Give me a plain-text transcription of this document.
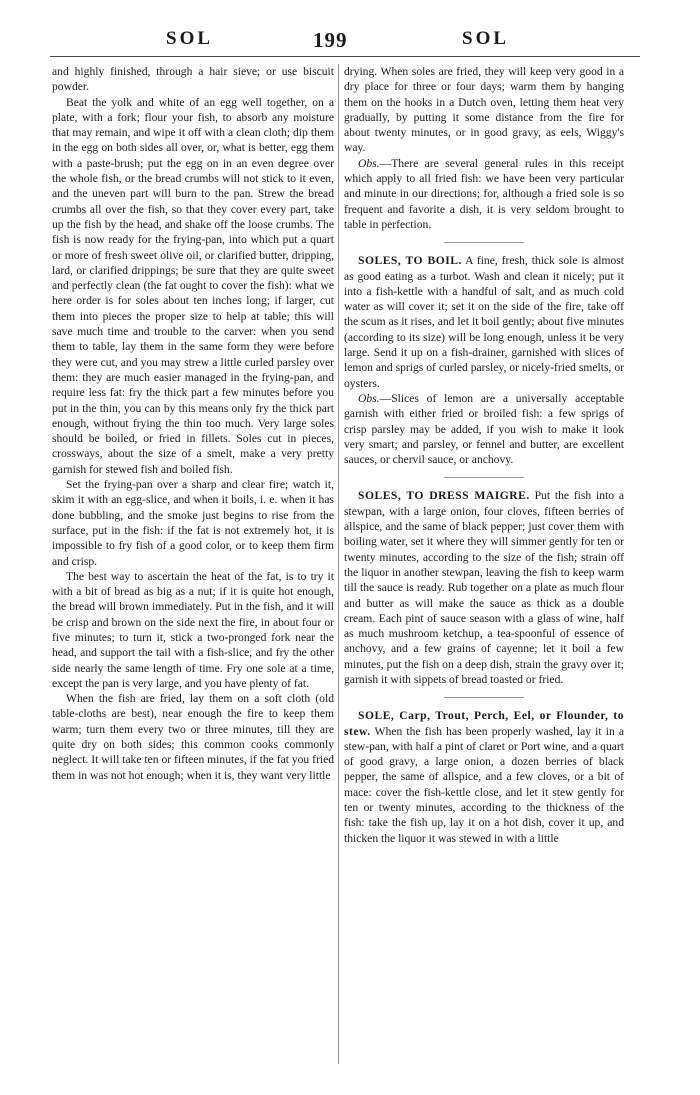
SOL	199	SOL

and highly finished, through a hair sieve; or use biscuit powder.

Beat the yolk and white of an egg well together, on a plate, with a fork; flour your fish, to absorb any moisture that may remain, and wipe it off with a clean cloth; dip them in the egg on both sides all over, or, what is better, egg them with a paste-brush; put the egg on in an even degree over the whole fish, or the bread crumbs will not stick to it even, and the uneven part will burn to the pan. Strew the bread crumbs all over the fish, so that they cover every part, take up the fish by the head, and shake off the loose crumbs. The fish is now ready for the frying-pan, into which put a quart or more of fresh sweet olive oil, or clarified butter, dripping, lard, or clarified drippings; be sure that they are quite sweet and perfectly clean (the fat ought to cover the fish): what we here order is for soles about ten inches long; if larger, cut them into pieces the proper size to help at table; this will save much time and trouble to the carver: when you send them to table, lay them in the same form they were before they were cut, and you may strew a little curled parsley over them: they are much easier managed in the frying-pan, and require less fat: fry the thick part a few minutes before you put in the thin, you can by this means only fry the thick part enough, without frying the thin too much. Very large soles should be boiled, or fried in fillets. Soles cut in pieces, crossways, about the size of a smelt, make a very pretty garnish for stewed fish and boiled fish.

Set the frying-pan over a sharp and clear fire; watch it, skim it with an egg-slice, and when it boils, i. e. when it has done bubbling, and the smoke just begins to rise from the surface, put in the fish: if the fat is not extremely hot, it is impossible to fry fish of a good color, or to keep them firm and crisp.

The best way to ascertain the heat of the fat, is to try it with a bit of bread as big as a nut; if it is quite hot enough, the bread will brown immediately. Put in the fish, and it will be crisp and brown on the side next the fire, in about four or five minutes; to turn it, stick a two-pronged fork near the head, and support the tail with a fish-slice, and fry the other side nearly the same length of time. Fry one sole at a time, except the pan is very large, and you have plenty of fat.

When the fish are fried, lay them on a soft cloth (old table-cloths are best), near enough the fire to keep them warm; turn them every two or three minutes, till they are quite dry on both sides; this common cooks commonly neglect. It will take ten or fifteen minutes, if the fat you fried them in was not hot enough; when it is, they want very little

drying. When soles are fried, they will keep very good in a dry place for three or four days; warm them by hanging them on the hooks in a Dutch oven, letting them heat very gradually, by putting it some distance from the fire for about twenty minutes, or in good gravy, as eels, Wiggy's way.

Obs.—There are several general rules in this receipt which apply to all fried fish: we have been very particular and minute in our directions; for, although a fried sole is so frequent and favorite a dish, it is very seldom brought to table in perfection.

SOLES, TO BOIL. A fine, fresh, thick sole is almost as good eating as a turbot. Wash and clean it nicely; put it into a fish-kettle with a handful of salt, and as much cold water as will cover it; set it on the side of the fire, take off the scum as it rises, and let it boil gently; about five minutes (according to its size) will be long enough, unless it be very large. Send it up on a fish-drainer, garnished with slices of lemon and sprigs of curled parsley, or nicely-fried smelts, or oysters.

Obs.—Slices of lemon are a universally acceptable garnish with either fried or broiled fish: a few sprigs of crisp parsley may be added, if you wish to make it look very smart; and parsley, or fennel and butter, are excellent sauces, or chervil sauce, or anchovy.

SOLES, TO DRESS MAIGRE. Put the fish into a stewpan, with a large onion, four cloves, fifteen berries of allspice, and the same of black pepper; just cover them with boiling water, set it where they will simmer gently for ten or twenty minutes, according to the size of the fish; strain off the liquor in another stewpan, leaving the fish to keep warm till the sauce is ready. Rub together on a plate as much flour and butter as will make the sauce as thick as a double cream. Each pint of sauce season with a glass of wine, half as much mushroom ketchup, a tea-spoonful of essence of anchovy, and a few grains of cayenne; let it boil a few minutes, put the fish on a deep dish, strain the gravy over it; garnish it with sippets of bread toasted or fried.

SOLE, Carp, Trout, Perch, Eel, or Flounder, to stew. When the fish has been properly washed, lay it in a stew-pan, with half a pint of claret or Port wine, and a quart of good gravy, a large onion, a dozen berries of black pepper, the same of allspice, and a few cloves, or a bit of mace: cover the fish-kettle close, and let it stew gently for ten or twenty minutes, according to the thickness of the fish: take the fish up, lay it on a hot dish, cover it up, and thicken the liquor it was stewed in with a little
